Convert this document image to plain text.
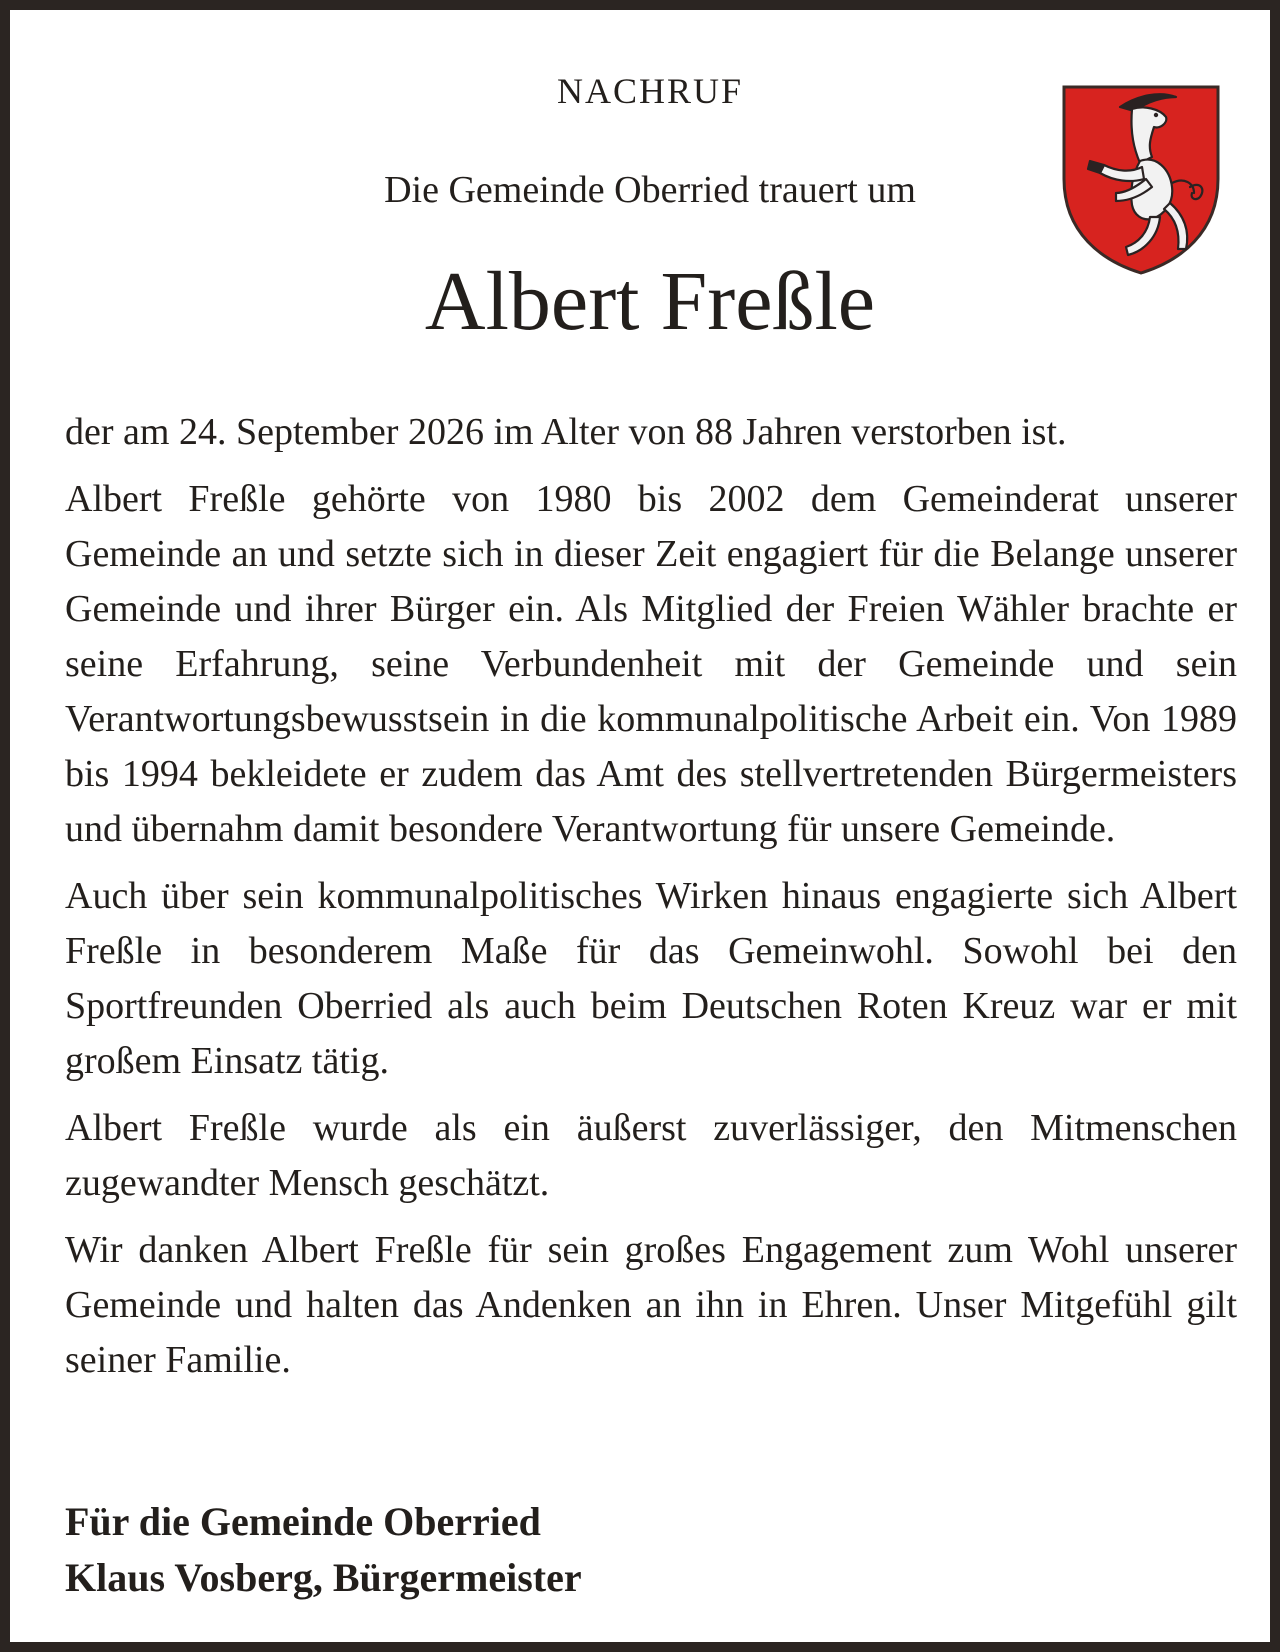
NACHRUF
Die Gemeinde Oberried trauert um
Albert Freßle

der am 24. September 2026 im Alter von 88 Jahren verstorben ist.

Albert Freßle gehörte von 1980 bis 2002 dem Gemeinderat unserer Gemeinde an und setzte sich in dieser Zeit engagiert für die Belange unserer Gemeinde und ihrer Bürger ein. Als Mitglied der Freien Wähler brachte er seine Erfahrung, seine Verbundenheit mit der Gemeinde und sein Verantwortungsbewusstsein in die kommunalpolitische Arbeit ein. Von 1989 bis 1994 bekleidete er zudem das Amt des stellvertretenden Bürgermeisters und übernahm damit besondere Verantwortung für unsere Gemeinde.

Auch über sein kommunalpolitisches Wirken hinaus engagierte sich Albert Freßle in besonderem Maße für das Gemeinwohl. Sowohl bei den Sportfreunden Oberried als auch beim Deutschen Roten Kreuz war er mit großem Einsatz tätig.

Albert Freßle wurde als ein äußerst zuverlässiger, den Mitmenschen zugewandter Mensch geschätzt.

Wir danken Albert Freßle für sein großes Engagement zum Wohl unserer Gemeinde und halten das Andenken an ihn in Ehren. Unser Mitgefühl gilt seiner Familie.

Für die Gemeinde Oberried
Klaus Vosberg, Bürgermeister
